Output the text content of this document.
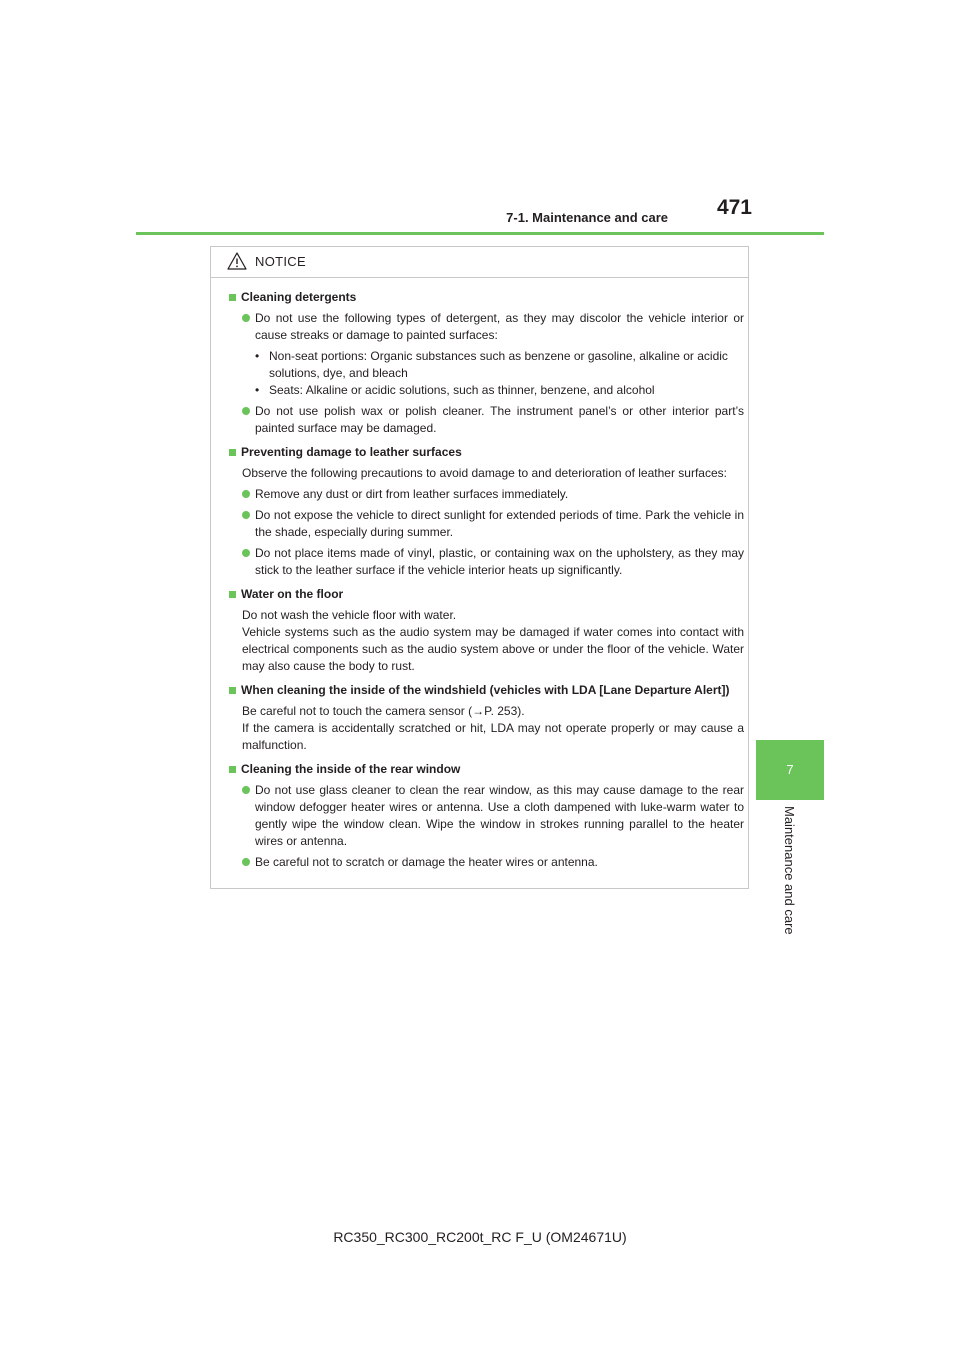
7-1. Maintenance and care 471
7
Maintenance and care
NOTICE

Cleaning detergents

Do not use the following types of detergent, as they may discolor the vehicle interior or cause streaks or damage to painted surfaces:

• Non-seat portions: Organic substances such as benzene or gasoline, alkaline or acidic solutions, dye, and bleach

• Seats: Alkaline or acidic solutions, such as thinner, benzene, and alcohol

Do not use polish wax or polish cleaner. The instrument panel’s or other interior part’s painted surface may be damaged.

Preventing damage to leather surfaces

Observe the following precautions to avoid damage to and deterioration of leather surfaces:

Remove any dust or dirt from leather surfaces immediately.

Do not expose the vehicle to direct sunlight for extended periods of time. Park the vehicle in the shade, especially during summer.

Do not place items made of vinyl, plastic, or containing wax on the upholstery, as they may stick to the leather surface if the vehicle interior heats up significantly.

Water on the floor

Do not wash the vehicle floor with water.

Vehicle systems such as the audio system may be damaged if water comes into contact with electrical components such as the audio system above or under the floor of the vehicle. Water may also cause the body to rust.

When cleaning the inside of the windshield (vehicles with LDA [Lane Departure Alert])

Be careful not to touch the camera sensor (→P. 253).

If the camera is accidentally scratched or hit, LDA may not operate properly or may cause a malfunction.

Cleaning the inside of the rear window

Do not use glass cleaner to clean the rear window, as this may cause damage to the rear window defogger heater wires or antenna. Use a cloth dampened with luke-warm water to gently wipe the window clean. Wipe the window in strokes running parallel to the heater wires or antenna.

Be careful not to scratch or damage the heater wires or antenna.

RC350_RC300_RC200t_RC F_U (OM24671U)
